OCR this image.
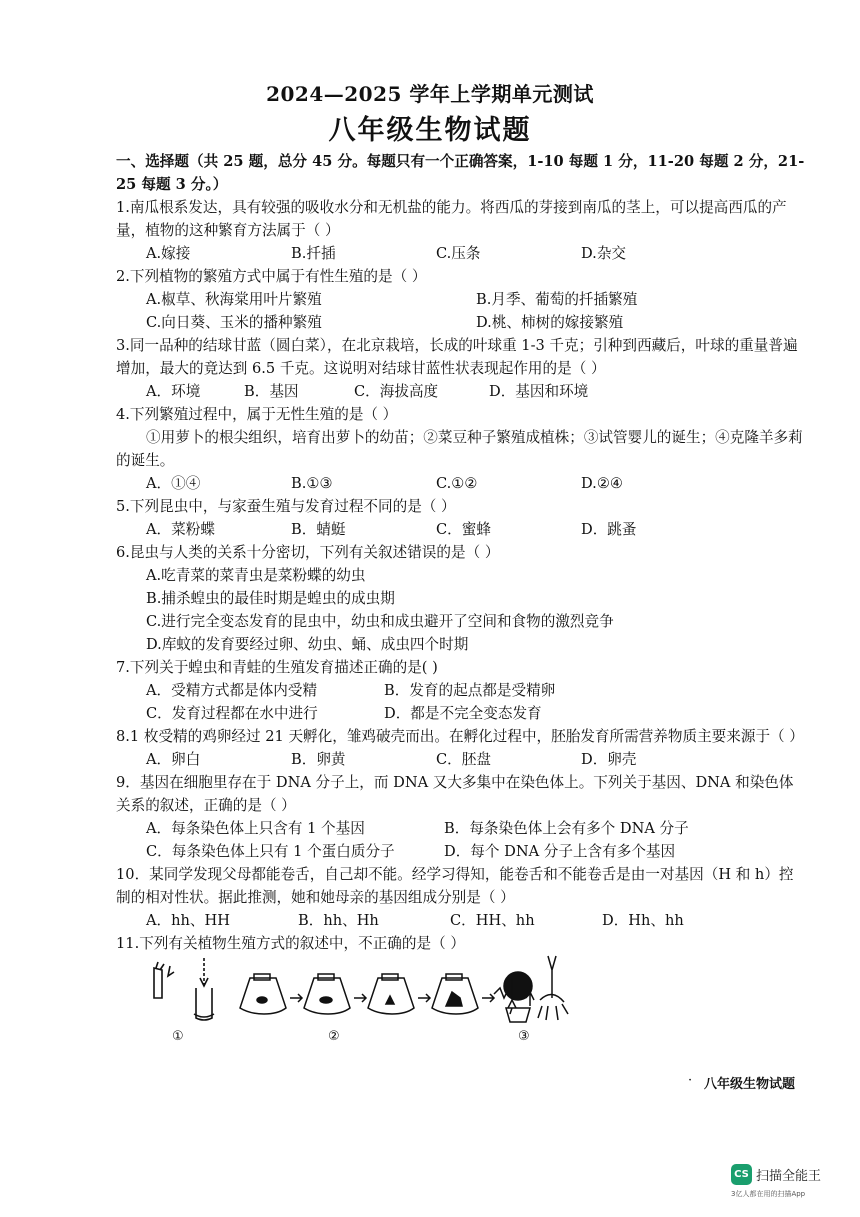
2024—2025 学年上学期单元测试
八年级生物试题

一、选择题（共 25 题，总分 45 分。每题只有一个正确答案，1-10 每题 1 分，11-20 每题 2 分，21-25 每题 3 分。）

1.南瓜根系发达，具有较强的吸收水分和无机盐的能力。将西瓜的芽接到南瓜的茎上，可以提高西瓜的产量，植物的这种繁育方法属于（ ）

A.嫁接	B.扦插	C.压条	D.杂交

2.下列植物的繁殖方式中属于有性生殖的是（ ）

A.椒草、秋海棠用叶片繁殖	B.月季、葡萄的扦插繁殖
C.向日葵、玉米的播种繁殖	D.桃、柿树的嫁接繁殖

3.同一品种的结球甘蓝（圆白菜），在北京栽培，长成的叶球重 1-3 千克；引种到西藏后，叶球的重量普遍增加，最大的竟达到 6.5 千克。这说明对结球甘蓝性状表现起作用的是（ ）

A．环境	B．基因	C．海拔高度	D．基因和环境

4.下列繁殖过程中，属于无性生殖的是（ ）

①用萝卜的根尖组织，培育出萝卜的幼苗；②菜豆种子繁殖成植株；③试管婴儿的诞生；④克隆羊多莉的诞生。

A．①④	B.①③	C.①②	D.②④

5.下列昆虫中，与家蚕生殖与发育过程不同的是（ ）

A．菜粉蝶	B．蜻蜓	C．蜜蜂	D．跳蚤

6.昆虫与人类的关系十分密切，下列有关叙述错误的是（ ）

A.吃青菜的菜青虫是菜粉蝶的幼虫

B.捕杀蝗虫的最佳时期是蝗虫的成虫期

C.进行完全变态发育的昆虫中，幼虫和成虫避开了空间和食物的激烈竞争

D.库蚊的发育要经过卵、幼虫、蛹、成虫四个时期

7.下列关于蝗虫和青蛙的生殖发育描述正确的是( )

A．受精方式都是体内受精	B．发育的起点都是受精卵
C．发育过程都在水中进行	D．都是不完全变态发育

8.1 枚受精的鸡卵经过 21 天孵化，雏鸡破壳而出。在孵化过程中，胚胎发育所需营养物质主要来源于（ ）

A．卵白	B．卵黄	C．胚盘	D．卵壳

9．基因在细胞里存在于 DNA 分子上，而 DNA 又大多集中在染色体上。下列关于基因、DNA 和染色体关系的叙述，正确的是（ ）

A．每条染色体上只含有 1 个基因	B．每条染色体上会有多个 DNA 分子
C．每条染色体上只有 1 个蛋白质分子	D．每个 DNA 分子上含有多个基因

10．某同学发现父母都能卷舌，自己却不能。经学习得知，能卷舌和不能卷舌是由一对基因（H 和 h）控制的相对性状。据此推测，她和她母亲的基因组成分别是（ ）

A．hh、HH	B．hh、Hh	C．HH、hh	D．Hh、hh

11.下列有关植物生殖方式的叙述中，不正确的是（ ）

①	②	③
· 八年级生物试题
CS 扫描全能王
3亿人都在用的扫描App
